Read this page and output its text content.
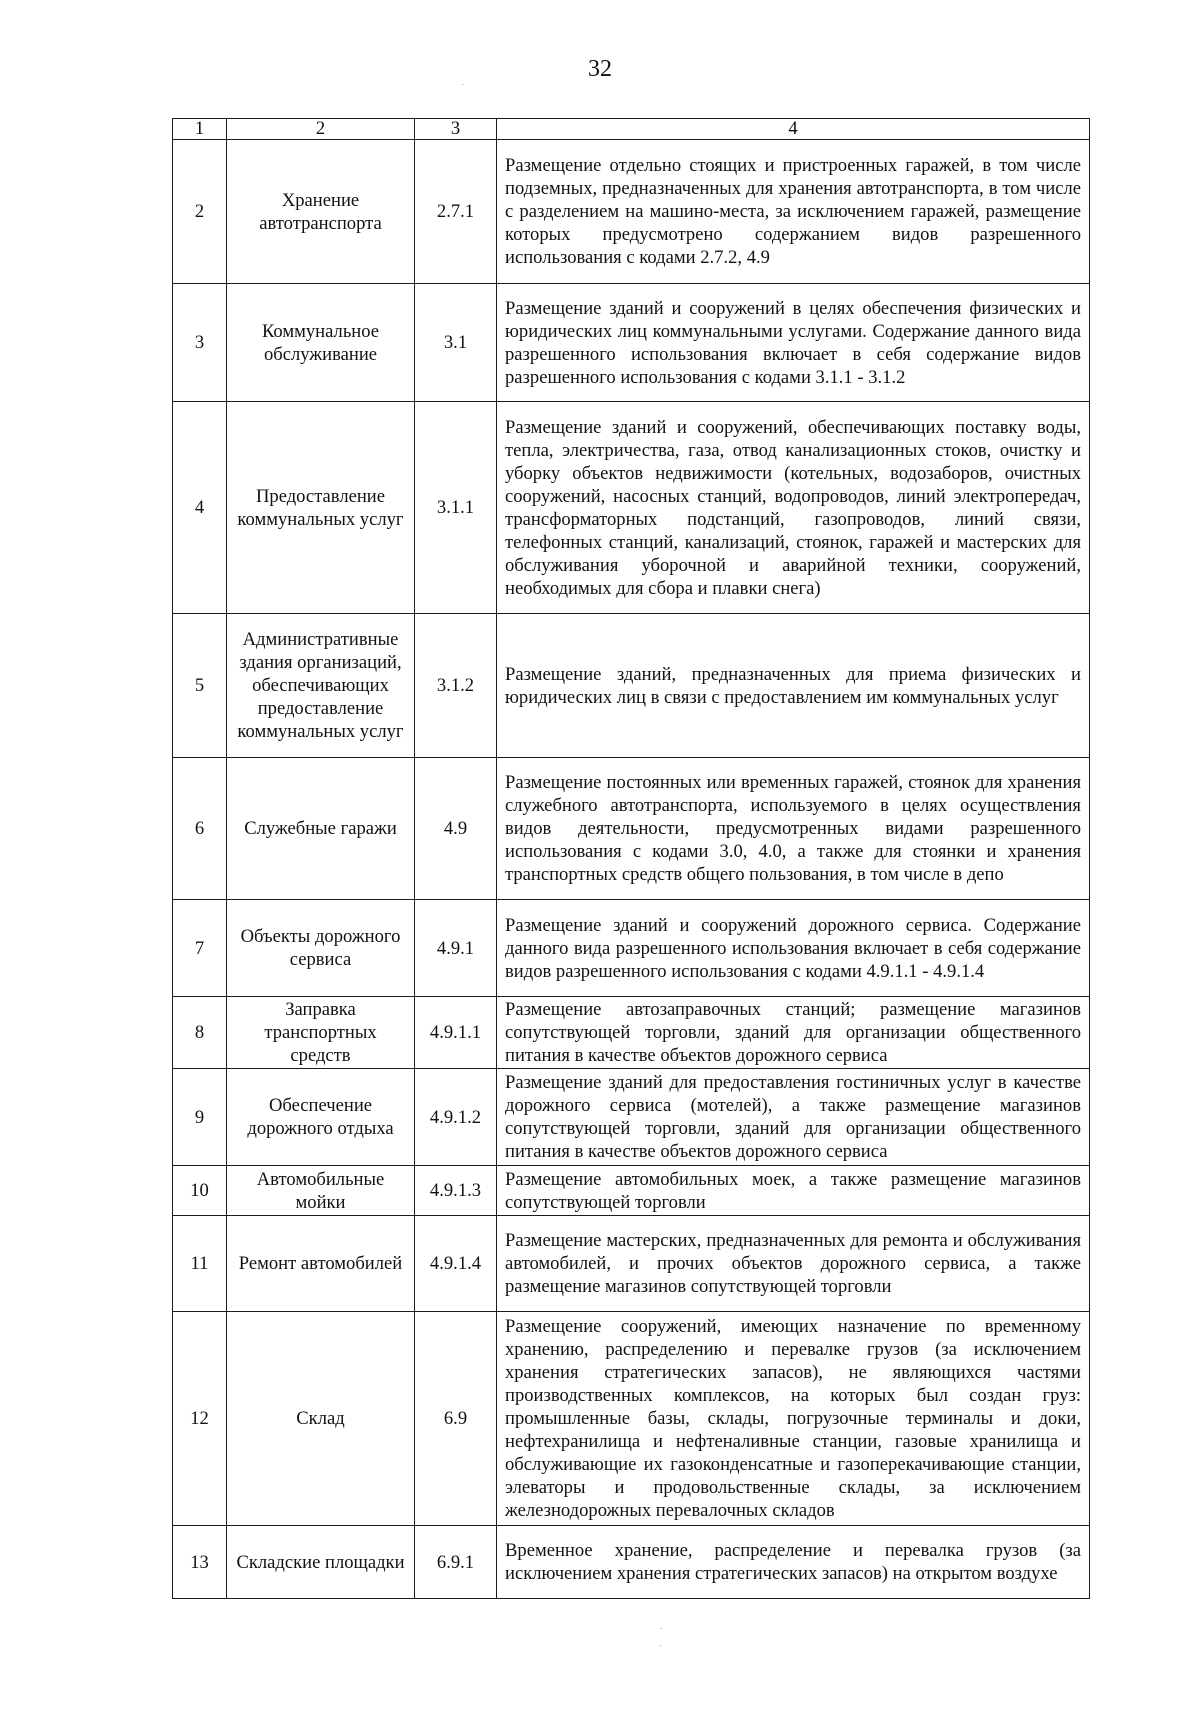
32
1	2	3	4
2	Хранение автотранспорта	2.7.1	Размещение отдельно стоящих и пристроенных гаражей, в том числе подземных, предназначенных для хранения автотранспорта, в том числе с разделением на машино-места, за исключением гаражей, размещение которых предусмотрено содержанием видов разрешенного использования с кодами 2.7.2, 4.9
3	Коммунальное обслуживание	3.1	Размещение зданий и сооружений в целях обеспечения физических и юридических лиц коммунальными услугами. Содержание данного вида разрешенного использования включает в себя содержание видов разрешенного использования с кодами 3.1.1 - 3.1.2
4	Предоставление коммунальных услуг	3.1.1	Размещение зданий и сооружений, обеспечивающих поставку воды, тепла, электричества, газа, отвод канализационных стоков, очистку и уборку объектов недвижимости (котельных, водозаборов, очистных сооружений, насосных станций, водопроводов, линий электропередач, трансформаторных подстанций, газопроводов, линий связи, телефонных станций, канализаций, стоянок, гаражей и мастерских для обслуживания уборочной и аварийной техники, сооружений, необходимых для сбора и плавки снега)
5	Административные здания организаций, обеспечивающих предоставление коммунальных услуг	3.1.2	Размещение зданий, предназначенных для приема физических и юридических лиц в связи с предоставлением им коммунальных услуг
6	Служебные гаражи	4.9	Размещение постоянных или временных гаражей, стоянок для хранения служебного автотранспорта, используемого в целях осуществления видов деятельности, предусмотренных видами разрешенного использования с кодами 3.0, 4.0, а также для стоянки и хранения транспортных средств общего пользования, в том числе в депо
7	Объекты дорожного сервиса	4.9.1	Размещение зданий и сооружений дорожного сервиса. Содержание данного вида разрешенного использования включает в себя содержание видов разрешенного использования с кодами 4.9.1.1 - 4.9.1.4
8	Заправка транспортных средств	4.9.1.1	Размещение автозаправочных станций; размещение магазинов сопутствующей торговли, зданий для организации общественного питания в качестве объектов дорожного сервиса
9	Обеспечение дорожного отдыха	4.9.1.2	Размещение зданий для предоставления гостиничных услуг в качестве дорожного сервиса (мотелей), а также размещение магазинов сопутствующей торговли, зданий для организации общественного питания в качестве объектов дорожного сервиса
10	Автомобильные мойки	4.9.1.3	Размещение автомобильных моек, а также размещение магазинов сопутствующей торговли
11	Ремонт автомобилей	4.9.1.4	Размещение мастерских, предназначенных для ремонта и обслуживания автомобилей, и прочих объектов дорожного сервиса, а также размещение магазинов сопутствующей торговли
12	Склад	6.9	Размещение сооружений, имеющих назначение по временному хранению, распределению и перевалке грузов (за исключением хранения стратегических запасов), не являющихся частями производственных комплексов, на которых был создан груз: промышленные базы, склады, погрузочные терминалы и доки, нефтехранилища и нефтеналивные станции, газовые хранилища и обслуживающие их газоконденсатные и газоперекачивающие станции, элеваторы и продовольственные склады, за исключением железнодорожных перевалочных складов
13	Складские площадки	6.9.1	Временное хранение, распределение и перевалка грузов (за исключением хранения стратегических запасов) на открытом воздухе
